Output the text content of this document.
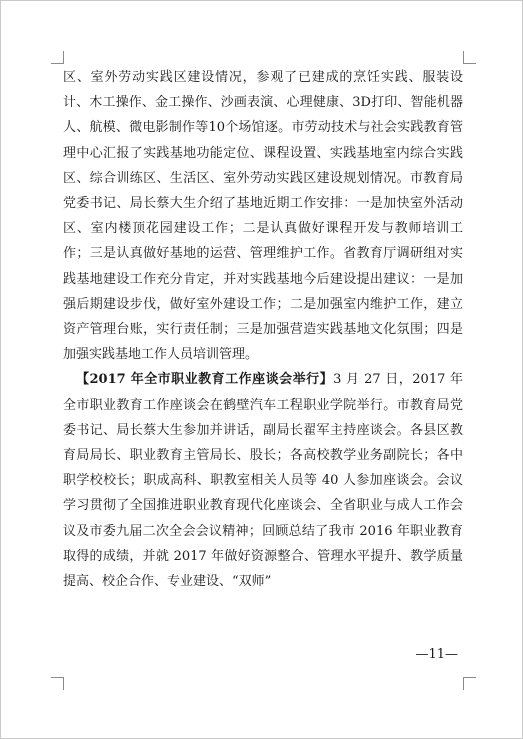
区、室外劳动实践区建设情况，参观了已建成的烹饪实践、服装设计、木工操作、金工操作、沙画表演、心理健康、3D打印、智能机器人、航模、微电影制作等10个场馆逐。市劳动技术与社会实践教育管理中心汇报了实践基地功能定位、课程设置、实践基地室内综合实践区、综合训练区、生活区、室外劳动实践区建设规划情况。市教育局党委书记、局长蔡大生介绍了基地近期工作安排：一是加快室外活动区、室内楼顶花园建设工作；二是认真做好课程开发与教师培训工作；三是认真做好基地的运营、管理维护工作。省教育厅调研组对实践基地建设工作充分肯定，并对实践基地今后建设提出建议：一是加强后期建设步伐，做好室外建设工作；二是加强室内维护工作，建立资产管理台账，实行责任制；三是加强营造实践基地文化氛围；四是加强实践基地工作人员培训管理。

【2017 年全市职业教育工作座谈会举行】3 月 27 日，2017 年全市职业教育工作座谈会在鹤壁汽车工程职业学院举行。市教育局党委书记、局长蔡大生参加并讲话，副局长翟军主持座谈会。各县区教育局局长、职业教育主管局长、股长；各高校教学业务副院长；各中职学校校长；职成高科、职教室相关人员等 40 人参加座谈会。会议学习贯彻了全国推进职业教育现代化座谈会、全省职业与成人工作会议及市委九届二次全会会议精神；回顾总结了我市 2016 年职业教育取得的成绩，并就 2017 年做好资源整合、管理水平提升、教学质量提高、校企合作、专业建设、“双师”

—11—
